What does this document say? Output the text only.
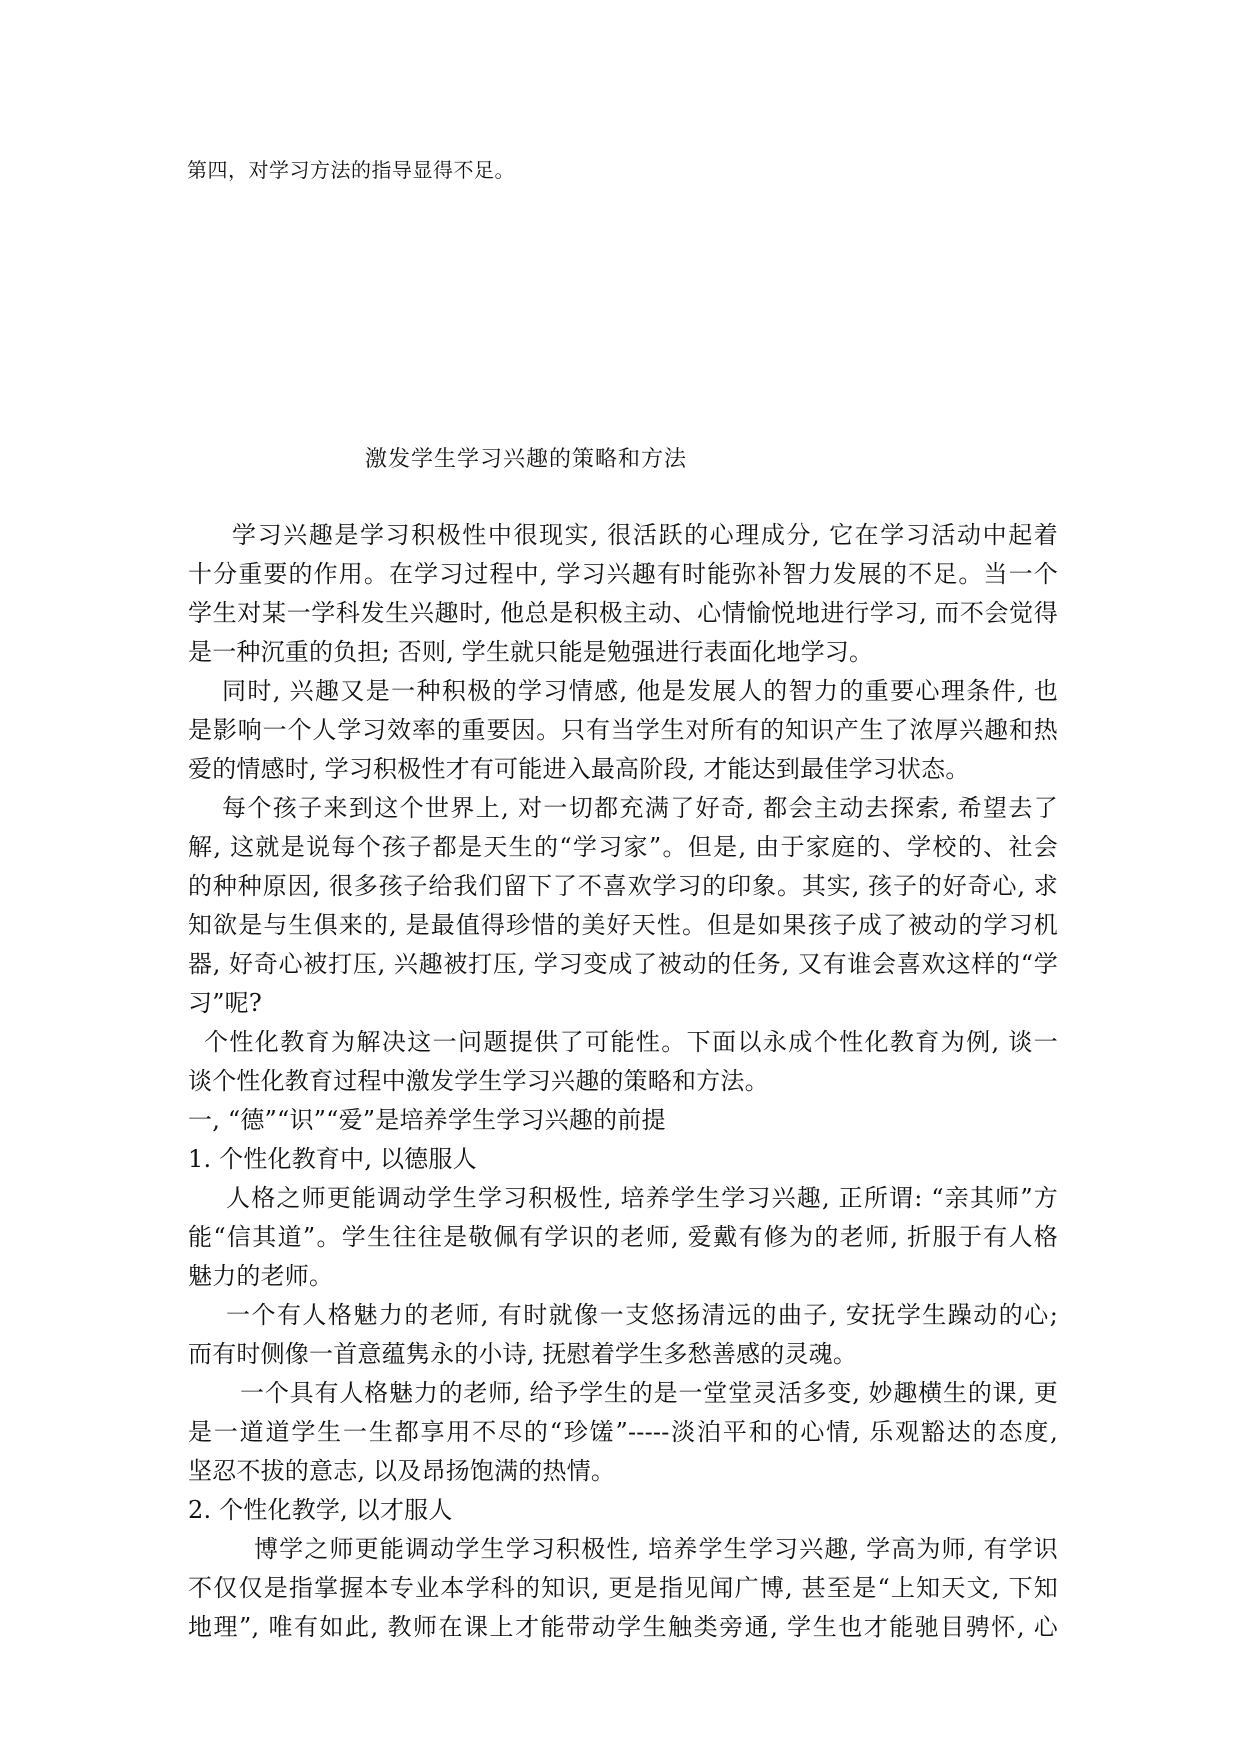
第四，对学习方法的指导显得不足。
激发学生学习兴趣的策略和方法
学习兴趣是学习积极性中很现实, 很活跃的心理成分, 它在学习活动中起着
十分重要的作用。在学习过程中, 学习兴趣有时能弥补智力发展的不足。当一个
学生对某一学科发生兴趣时, 他总是积极主动、心情愉悦地进行学习, 而不会觉得
是一种沉重的负担; 否则, 学生就只能是勉强进行表面化地学习。
同时, 兴趣又是一种积极的学习情感, 他是发展人的智力的重要心理条件, 也
是影响一个人学习效率的重要因。只有当学生对所有的知识产生了浓厚兴趣和热
爱的情感时, 学习积极性才有可能进入最高阶段, 才能达到最佳学习状态。
每个孩子来到这个世界上, 对一切都充满了好奇, 都会主动去探索, 希望去了
解, 这就是说每个孩子都是天生的“学习家”。但是, 由于家庭的、学校的、社会
的种种原因, 很多孩子给我们留下了不喜欢学习的印象。其实, 孩子的好奇心, 求
知欲是与生俱来的, 是最值得珍惜的美好天性。但是如果孩子成了被动的学习机
器, 好奇心被打压, 兴趣被打压, 学习变成了被动的任务, 又有谁会喜欢这样的“学
习”呢?
个性化教育为解决这一问题提供了可能性。下面以永成个性化教育为例, 谈一
谈个性化教育过程中激发学生学习兴趣的策略和方法。
一, “德”“识”“爱”是培养学生学习兴趣的前提
1. 个性化教育中, 以德服人
人格之师更能调动学生学习积极性, 培养学生学习兴趣, 正所谓: “亲其师”方
能“信其道”。学生往往是敬佩有学识的老师, 爱戴有修为的老师, 折服于有人格
魅力的老师。
一个有人格魅力的老师, 有时就像一支悠扬清远的曲子, 安抚学生躁动的心;
而有时侧像一首意蕴隽永的小诗, 抚慰着学生多愁善感的灵魂。
一个具有人格魅力的老师, 给予学生的是一堂堂灵活多变, 妙趣横生的课, 更
是一道道学生一生都享用不尽的“珍馐”-----淡泊平和的心情, 乐观豁达的态度,
坚忍不拔的意志, 以及昂扬饱满的热情。
2. 个性化教学, 以才服人
博学之师更能调动学生学习积极性, 培养学生学习兴趣, 学高为师, 有学识
不仅仅是指掌握本专业本学科的知识, 更是指见闻广博, 甚至是“上知天文, 下知
地理”, 唯有如此, 教师在课上才能带动学生触类旁通, 学生也才能驰目骋怀, 心
